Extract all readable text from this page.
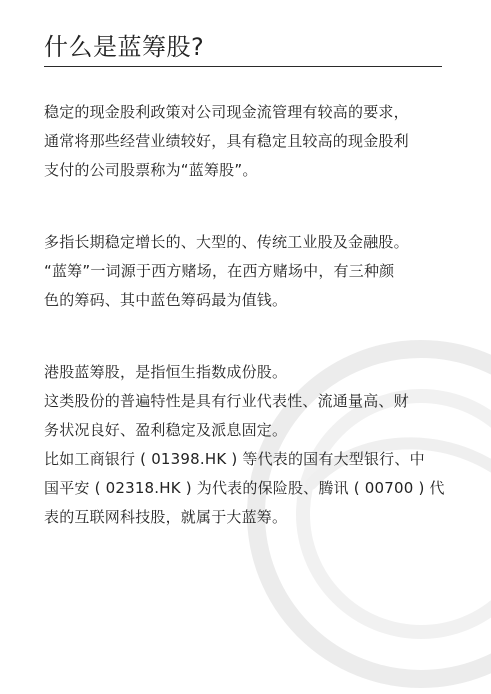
什么是蓝筹股?

稳定的现金股利政策对公司现金流管理有较高的要求，
通常将那些经营业绩较好，具有稳定且较高的现金股利
支付的公司股票称为“蓝筹股”。

多指长期稳定增长的、大型的、传统工业股及金融股。
“蓝筹”一词源于西方赌场，在西方赌场中，有三种颜
色的筹码、其中蓝色筹码最为值钱。

港股蓝筹股，是指恒生指数成份股。
这类股份的普遍特性是具有行业代表性、流通量高、财
务状况良好、盈利稳定及派息固定。
比如工商银行 ( 01398.HK ) 等代表的国有大型银行、中
国平安 ( 02318.HK ) 为代表的保险股、腾讯 ( 00700 ) 代
表的互联网科技股，就属于大蓝筹。
